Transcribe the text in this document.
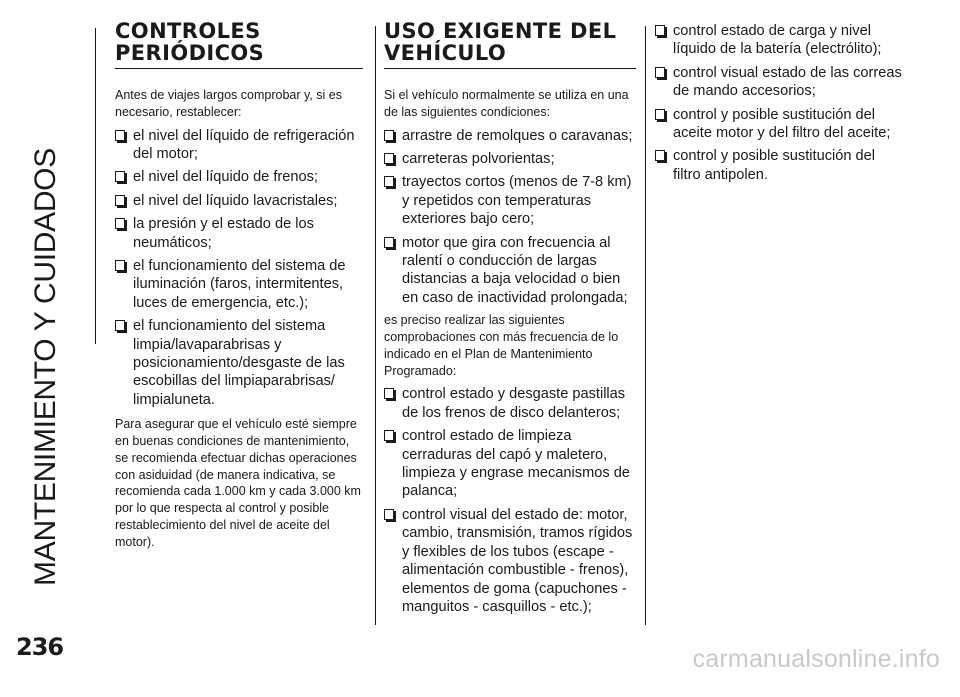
MANTENIMIENTO Y CUIDADOS
CONTROLES
PERIÓDICOS

Antes de viajes largos comprobar y, si es necesario, restablecer:

el nivel del líquido de refrigeración del motor;
el nivel del líquido de frenos;
el nivel del líquido lavacristales;
la presión y el estado de los neumáticos;
el funcionamiento del sistema de iluminación (faros, intermitentes, luces de emergencia, etc.);
el funcionamiento del sistema limpia/lavaparabrisas y posicionamiento/desgaste de las escobillas del limpiaparabrisas/ limpialuneta.

Para asegurar que el vehículo esté siempre en buenas condiciones de mantenimiento, se recomienda efectuar dichas operaciones con asiduidad (de manera indicativa, se recomienda cada 1.000 km y cada 3.000 km por lo que respecta al control y posible restablecimiento del nivel de aceite del motor).

USO EXIGENTE DEL
VEHÍCULO

Si el vehículo normalmente se utiliza en una de las siguientes condiciones:

arrastre de remolques o caravanas;
carreteras polvorientas;
trayectos cortos (menos de 7-8 km) y repetidos con temperaturas exteriores bajo cero;
motor que gira con frecuencia al ralentí o conducción de largas distancias a baja velocidad o bien en caso de inactividad prolongada;

es preciso realizar las siguientes comprobaciones con más frecuencia de lo indicado en el Plan de Mantenimiento Programado:

control estado y desgaste pastillas de los frenos de disco delanteros;
control estado de limpieza cerraduras del capó y maletero, limpieza y engrase mecanismos de palanca;
control visual del estado de: motor, cambio, transmisión, tramos rígidos y flexibles de los tubos (escape - alimentación combustible - frenos), elementos de goma (capuchones - manguitos - casquillos - etc.);
control estado de carga y nivel líquido de la batería (electrólito);
control visual estado de las correas de mando accesorios;
control y posible sustitución del aceite motor y del filtro del aceite;
control y posible sustitución del filtro antipolen.
236	carmanualsonline.info
